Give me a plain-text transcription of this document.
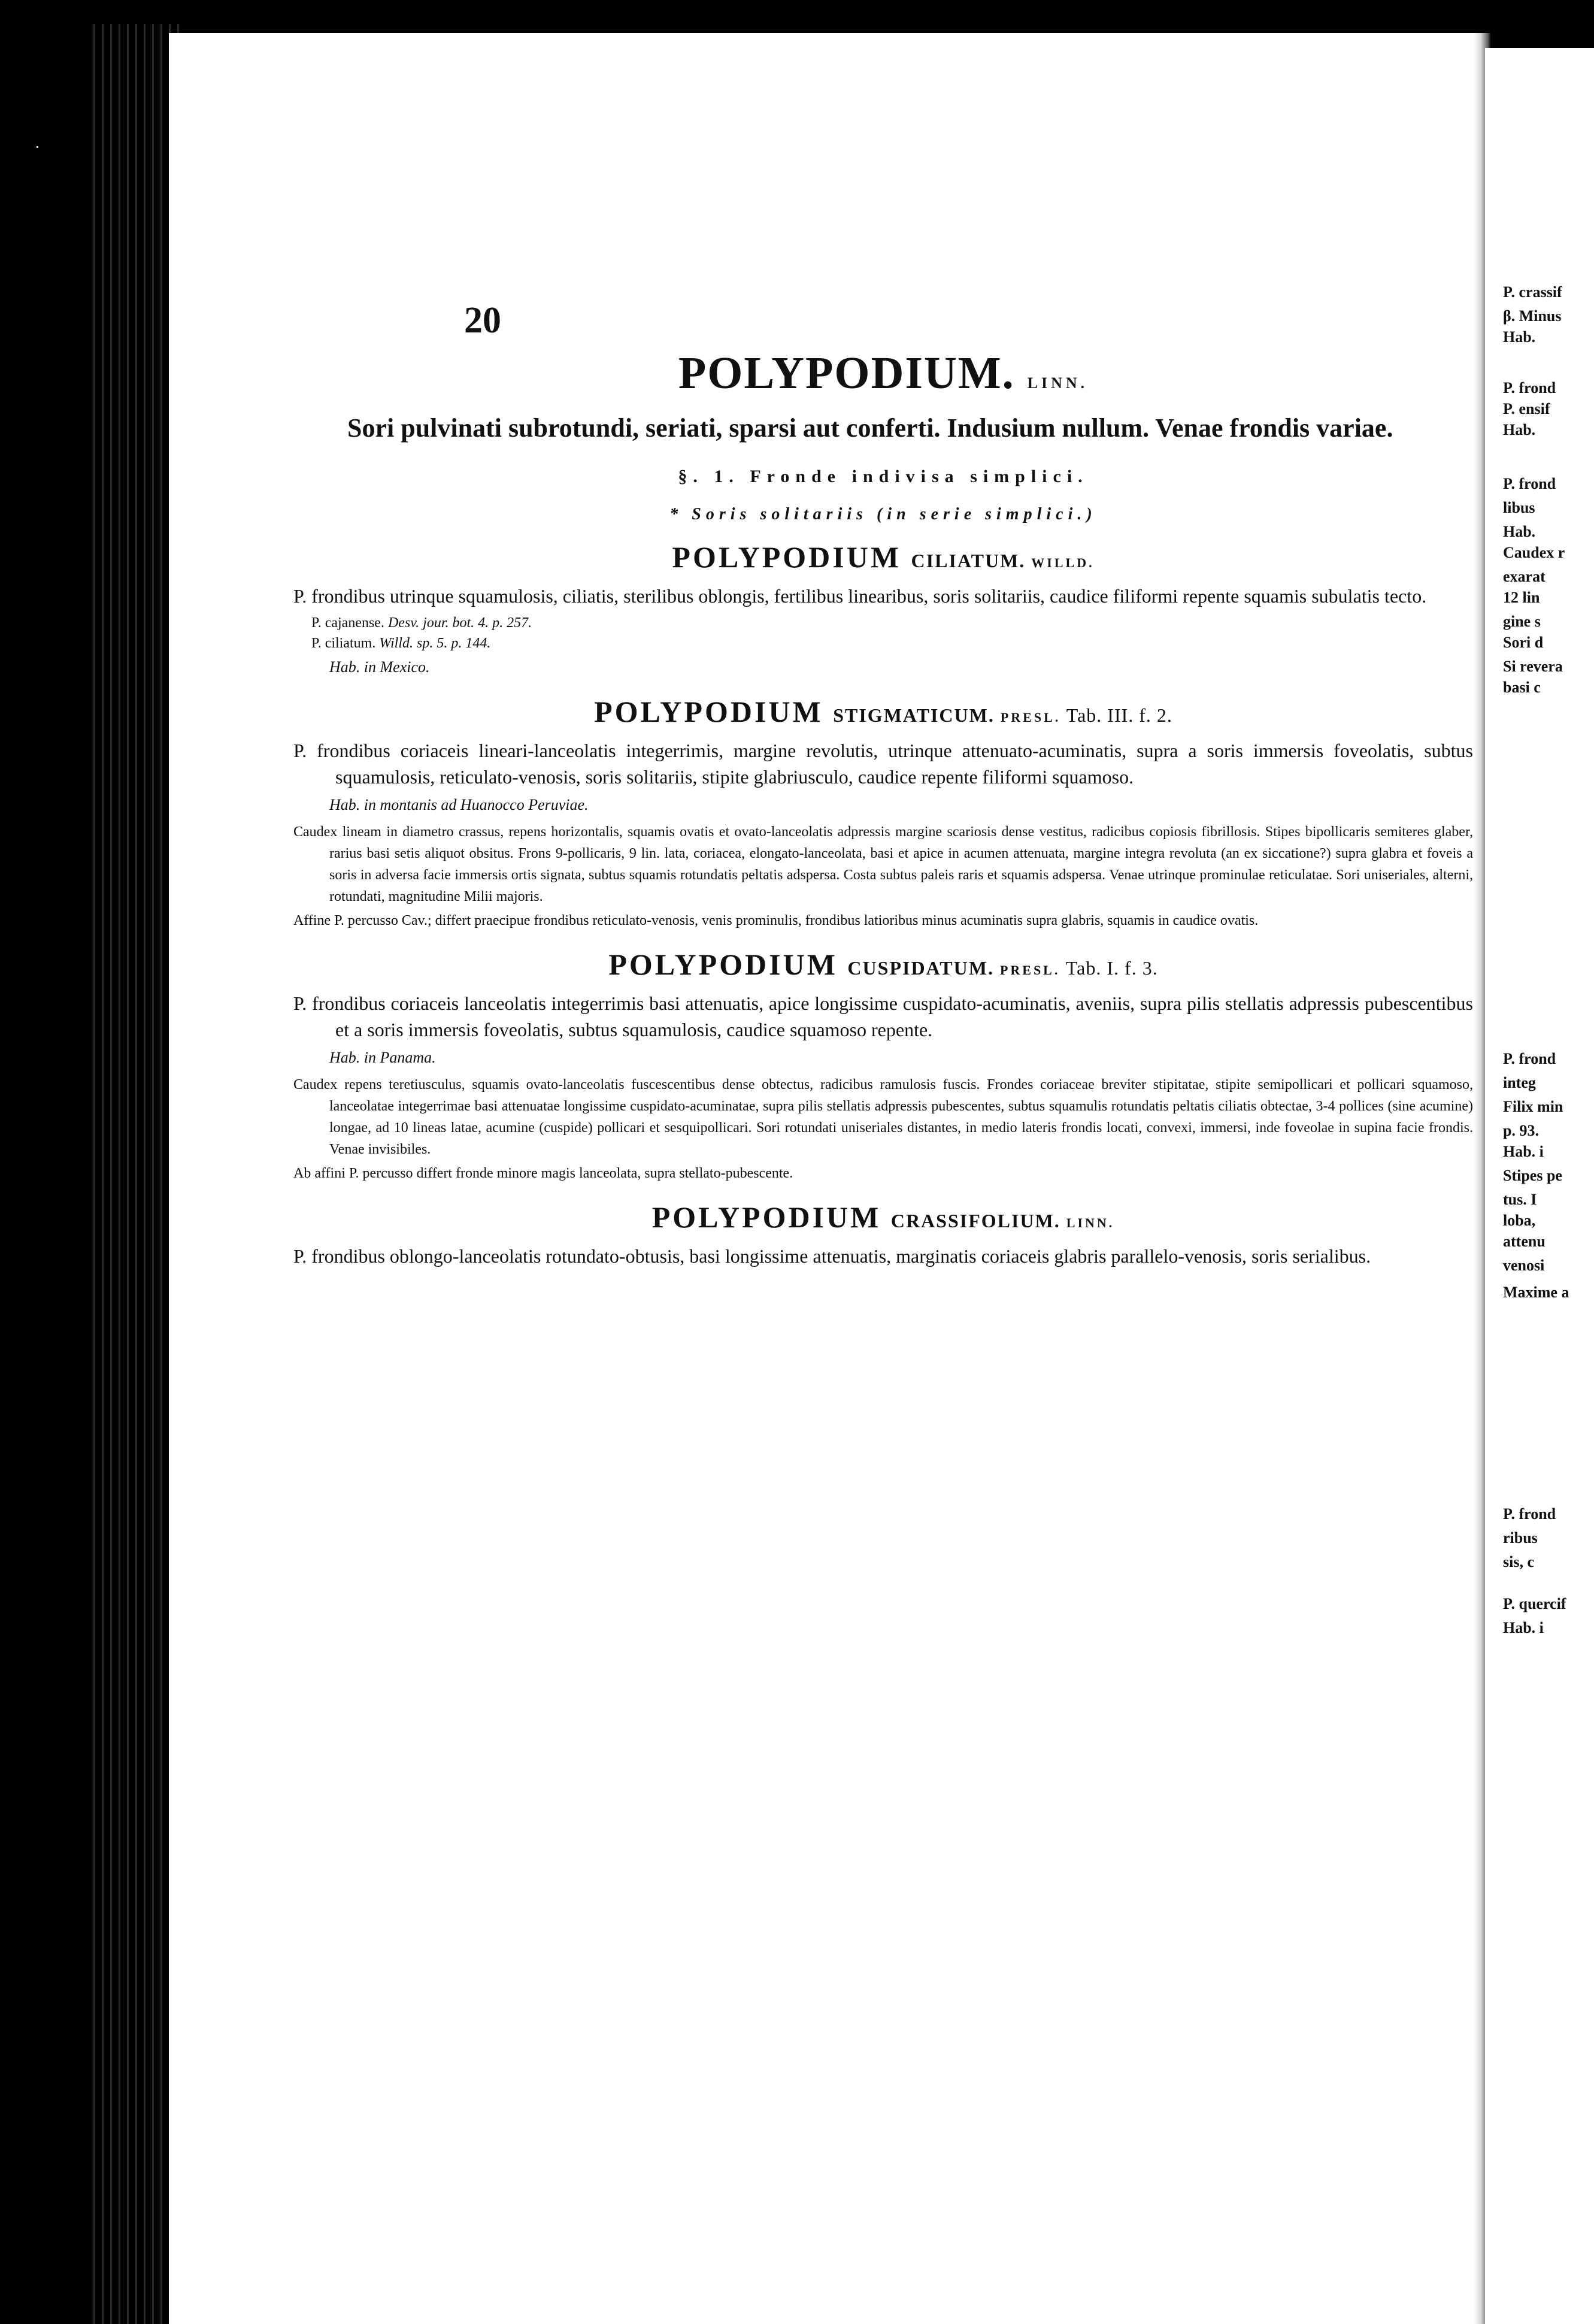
˙
20
POLYPODIUM. LINN.

Sori pulvinati subrotundi, seriati, sparsi aut conferti. Indusium nullum. Venae frondis variae.

§. 1. Fronde indivisa simplici.
* Soris solitariis (in serie simplici.)
POLYPODIUM CILIATUM. WILLD.

P. frondibus utrinque squamulosis, ciliatis, sterilibus oblongis, fertilibus linearibus, soris solitariis, caudice filiformi repente squamis subulatis tecto.

P. cajanense. Desv. jour. bot. 4. p. 257.

P. ciliatum. Willd. sp. 5. p. 144.

Hab. in Mexico.

POLYPODIUM STIGMATICUM. PRESL. Tab. III. f. 2.

P. frondibus coriaceis lineari-lanceolatis integerrimis, margine revolutis, utrinque attenuato-acuminatis, supra a soris immersis foveolatis, subtus squamulosis, reticulato-venosis, soris solitariis, stipite glabriusculo, caudice repente filiformi squamoso.

Hab. in montanis ad Huanocco Peruviae.

Caudex lineam in diametro crassus, repens horizontalis, squamis ovatis et ovato-lanceolatis adpressis margine scariosis dense vestitus, radicibus copiosis fibrillosis. Stipes bipollicaris semiteres glaber, rarius basi setis aliquot obsitus. Frons 9-pollicaris, 9 lin. lata, coriacea, elongato-lanceolata, basi et apice in acumen attenuata, margine integra revoluta (an ex siccatione?) supra glabra et foveis a soris in adversa facie immersis ortis signata, subtus squamis rotundatis peltatis adspersa. Costa subtus paleis raris et squamis adspersa. Venae utrinque prominulae reticulatae. Sori uniseriales, alterni, rotundati, magnitudine Milii majoris.

Affine P. percusso Cav.; differt praecipue frondibus reticulato-venosis, venis prominulis, frondibus latioribus minus acuminatis supra glabris, squamis in caudice ovatis.

POLYPODIUM CUSPIDATUM. PRESL. Tab. I. f. 3.

P. frondibus coriaceis lanceolatis integerrimis basi attenuatis, apice longissime cuspidato-acuminatis, aveniis, supra pilis stellatis adpressis pubescentibus et a soris immersis foveolatis, subtus squamulosis, caudice squamoso repente.

Hab. in Panama.

Caudex repens teretiusculus, squamis ovato-lanceolatis fuscescentibus dense obtectus, radicibus ramulosis fuscis. Frondes coriaceae breviter stipitatae, stipite semipollicari et pollicari squamoso, lanceolatae integerrimae basi attenuatae longissime cuspidato-acuminatae, supra pilis stellatis adpressis pubescentes, subtus squamulis rotundatis peltatis ciliatis obtectae, 3-4 pollices (sine acumine) longae, ad 10 lineas latae, acumine (cuspide) pollicari et sesquipollicari. Sori rotundati uniseriales distantes, in medio lateris frondis locati, convexi, immersi, inde foveolae in supina facie frondis. Venae invisibiles.

Ab affini P. percusso differt fronde minore magis lanceolata, supra stellato-pubescente.

POLYPODIUM CRASSIFOLIUM. LINN.

P. frondibus oblongo-lanceolatis rotundato-obtusis, basi longissime attenuatis, marginatis coriaceis glabris parallelo-venosis, soris serialibus.

P. crassif
β. Minus
Hab.
P. frond
P. ensif
Hab.
P. frond
libus
Hab.
Caudex r
exarat
12 lin
gine s
Sori d
Si revera
basi c
P. frond
integ
Filix min
p. 93.
Hab. i
Stipes pe
tus. I
loba,
attenu
venosi
Maxime a
P. frond
ribus
sis, c
P. quercif
Hab. i
